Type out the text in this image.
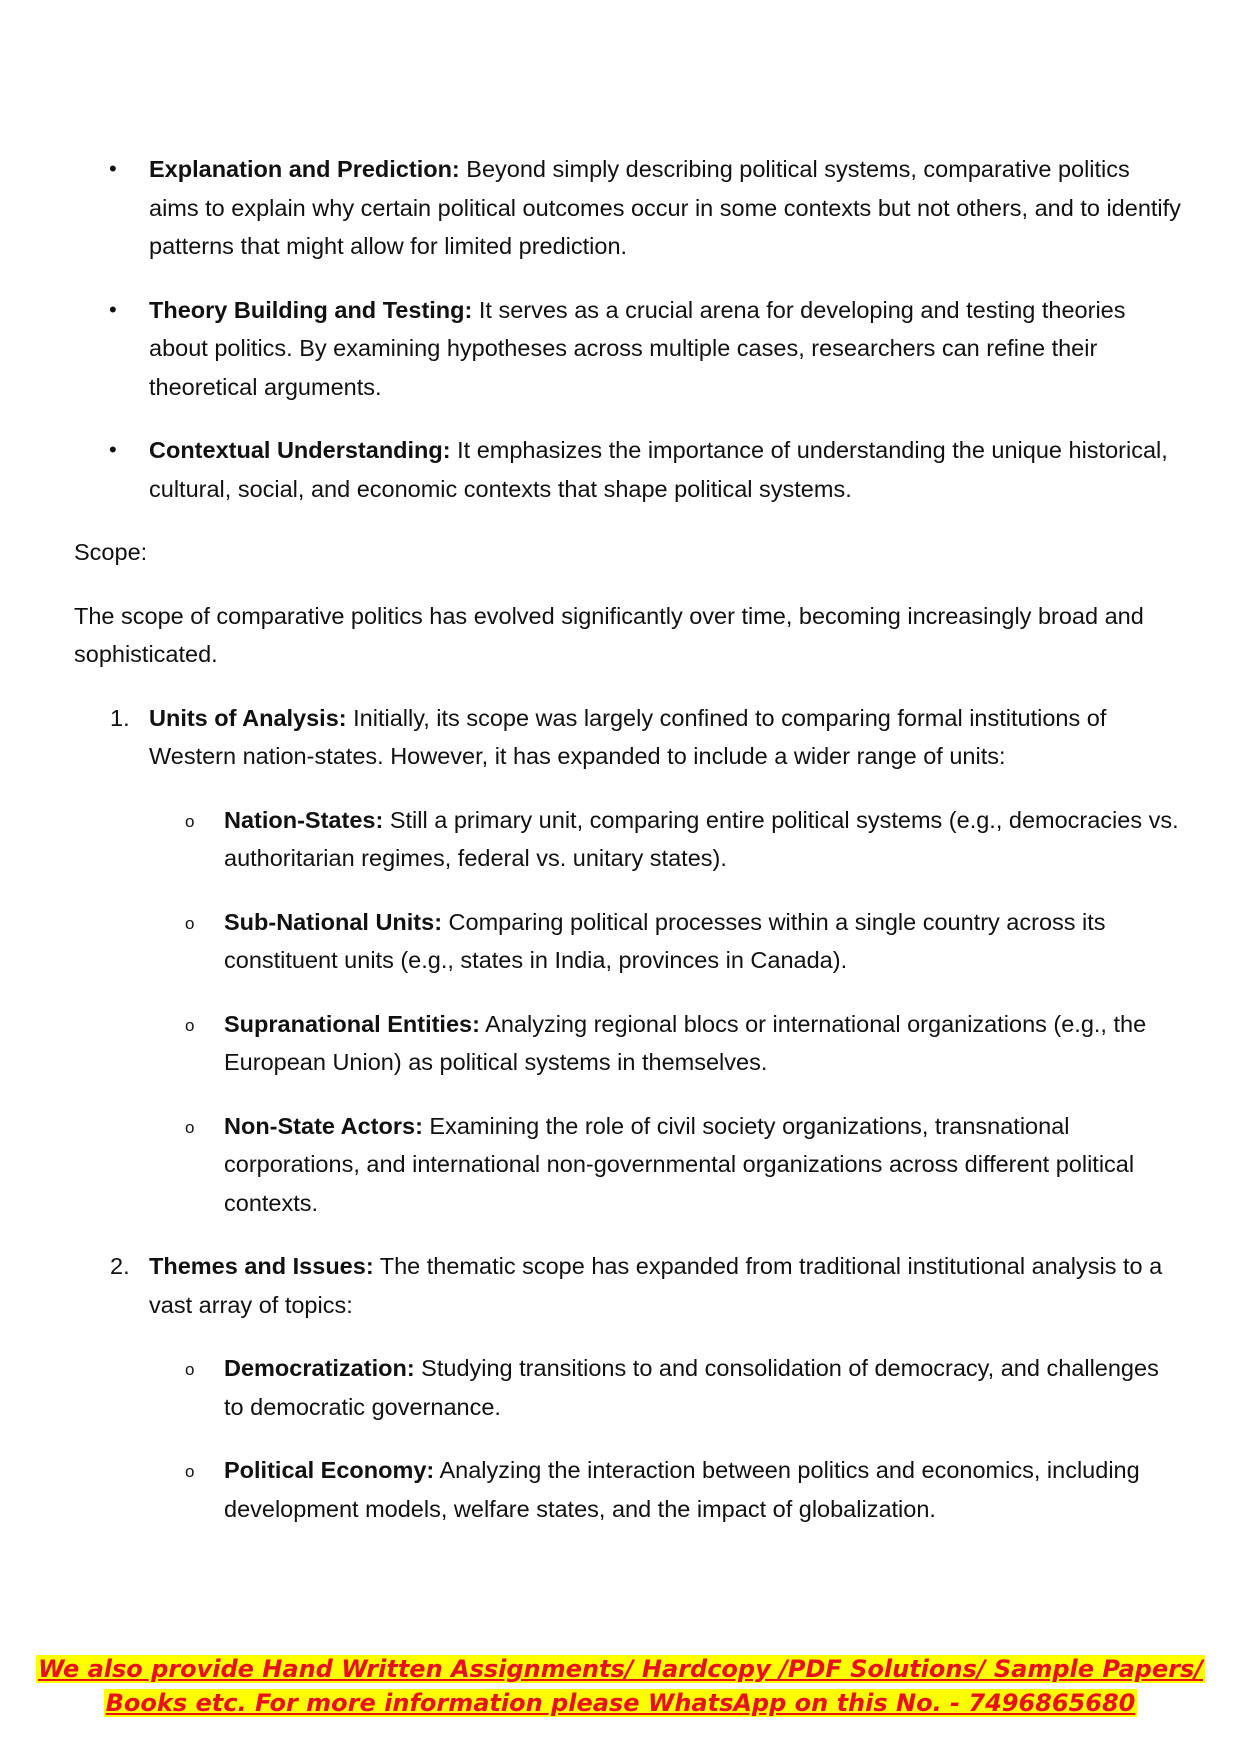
• Explanation and Prediction: Beyond simply describing political systems, comparative politics aims to explain why certain political outcomes occur in some contexts but not others, and to identify patterns that might allow for limited prediction.
• Theory Building and Testing: It serves as a crucial arena for developing and testing theories about politics. By examining hypotheses across multiple cases, researchers can refine their theoretical arguments.
• Contextual Understanding: It emphasizes the importance of understanding the unique historical, cultural, social, and economic contexts that shape political systems.

Scope:

The scope of comparative politics has evolved significantly over time, becoming increasingly broad and sophisticated.

1. Units of Analysis: Initially, its scope was largely confined to comparing formal institutions of Western nation-states. However, it has expanded to include a wider range of units:
o Nation-States: Still a primary unit, comparing entire political systems (e.g., democracies vs. authoritarian regimes, federal vs. unitary states).
o Sub-National Units: Comparing political processes within a single country across its constituent units (e.g., states in India, provinces in Canada).
o Supranational Entities: Analyzing regional blocs or international organizations (e.g., the European Union) as political systems in themselves.
o Non-State Actors: Examining the role of civil society organizations, transnational corporations, and international non-governmental organizations across different political contexts.
2. Themes and Issues: The thematic scope has expanded from traditional institutional analysis to a vast array of topics:
o Democratization: Studying transitions to and consolidation of democracy, and challenges to democratic governance.
o Political Economy: Analyzing the interaction between politics and economics, including development models, welfare states, and the impact of globalization.
We also provide Hand Written Assignments/ Hardcopy /PDF Solutions/ Sample Papers/
Books etc. For more information please WhatsApp on this No. - 7496865680
